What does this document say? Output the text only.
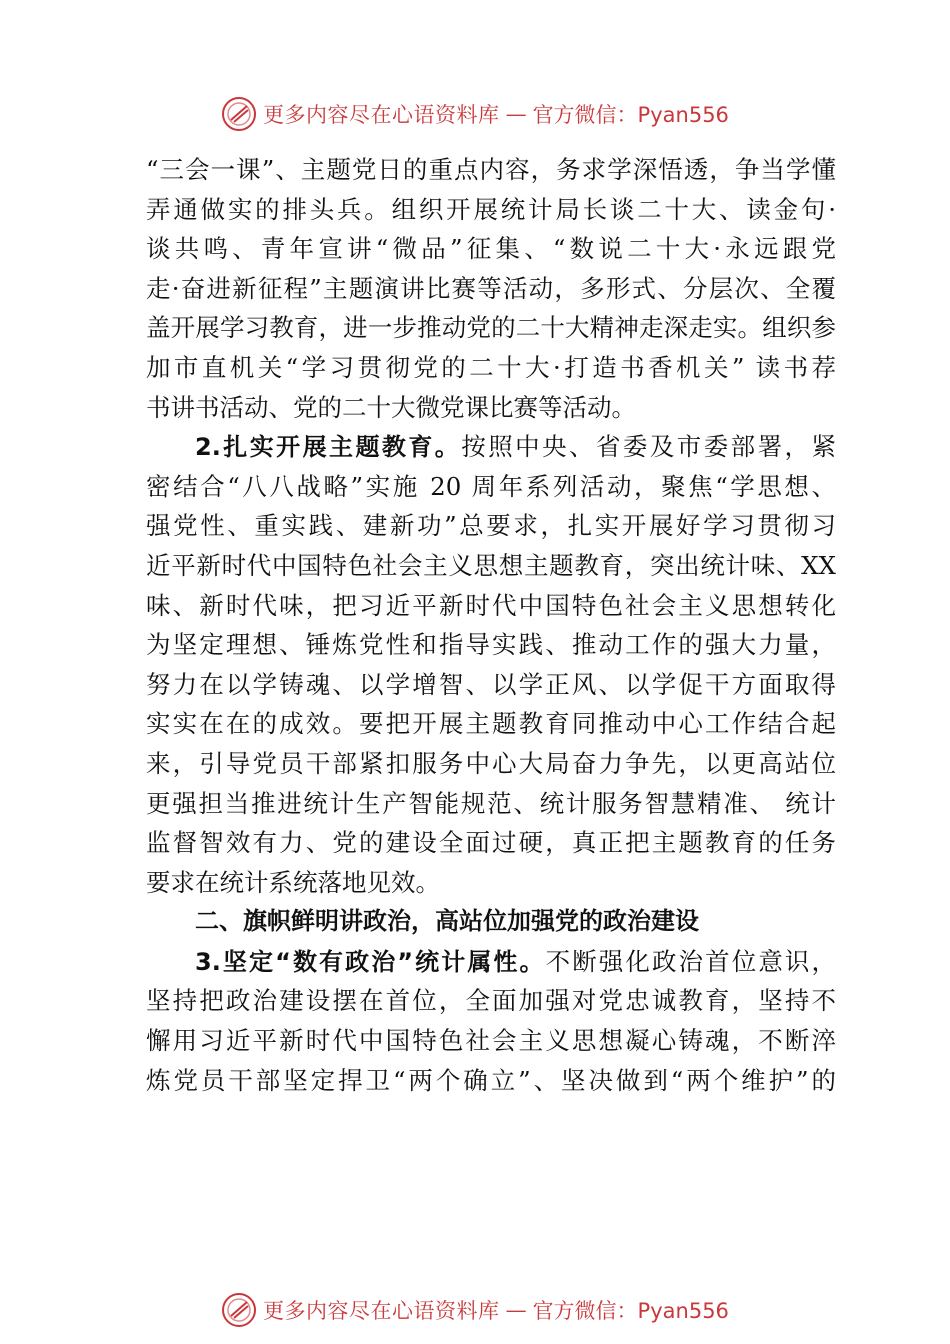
更多内容尽在心语资料库 — 官方微信：Pyan556
“三会一课”、主题党日的重点内容，务求学深悟透，争当学懂
弄通做实的排头兵。组织开展统计局长谈二十大、读金句·
谈共鸣、青年宣讲“微品”征集、“数说二十大·永远跟党
走·奋进新征程”主题演讲比赛等活动，多形式、分层次、全覆
盖开展学习教育，进一步推动党的二十大精神走深走实。组织参
加市直机关“学习贯彻党的二十大·打造书香机关” 读书荐
书讲书活动、党的二十大微党课比赛等活动。
2.扎实开展主题教育。按照中央、省委及市委部署，紧
密结合“八八战略”实施 20 周年系列活动，聚焦“学思想、
强党性、重实践、建新功”总要求，扎实开展好学习贯彻习
近平新时代中国特色社会主义思想主题教育，突出统计味、XX
味、新时代味，把习近平新时代中国特色社会主义思想转化
为坚定理想、锤炼党性和指导实践、推动工作的强大力量，
努力在以学铸魂、以学增智、以学正风、以学促干方面取得
实实在在的成效。要把开展主题教育同推动中心工作结合起
来，引导党员干部紧扣服务中心大局奋力争先，以更高站位
更强担当推进统计生产智能规范、统计服务智慧精准、 统计
监督智效有力、党的建设全面过硬，真正把主题教育的任务
要求在统计系统落地见效。
二、旗帜鲜明讲政治，高站位加强党的政治建设
3.坚定“数有政治”统计属性。不断强化政治首位意识，
坚持把政治建设摆在首位，全面加强对党忠诚教育，坚持不
懈用习近平新时代中国特色社会主义思想凝心铸魂，不断淬
炼党员干部坚定捍卫“两个确立”、坚决做到“两个维护”的
更多内容尽在心语资料库 — 官方微信：Pyan556
